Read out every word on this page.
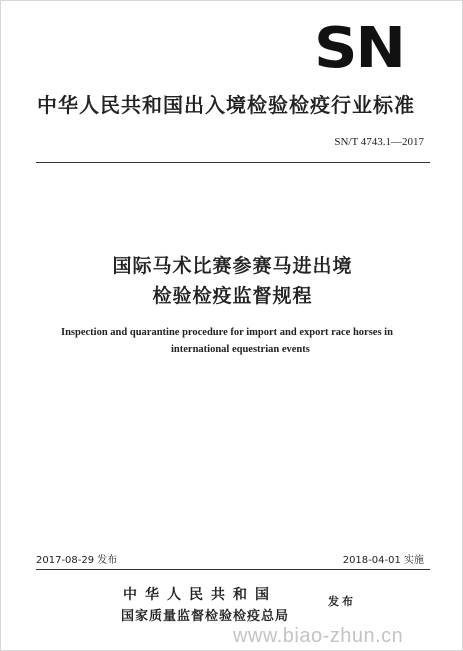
SN
中华人民共和国出入境检验检疫行业标准
SN/T 4743.1—2017
国际马术比赛参赛马进出境
检验检疫监督规程
Inspection and quarantine procedure for import and export race horses in
international equestrian events
2017-08-29 发布	2018-04-01 实施
中华人民共和国
国家质量监督检验检疫总局
发布
www.biao-zhun.cn
